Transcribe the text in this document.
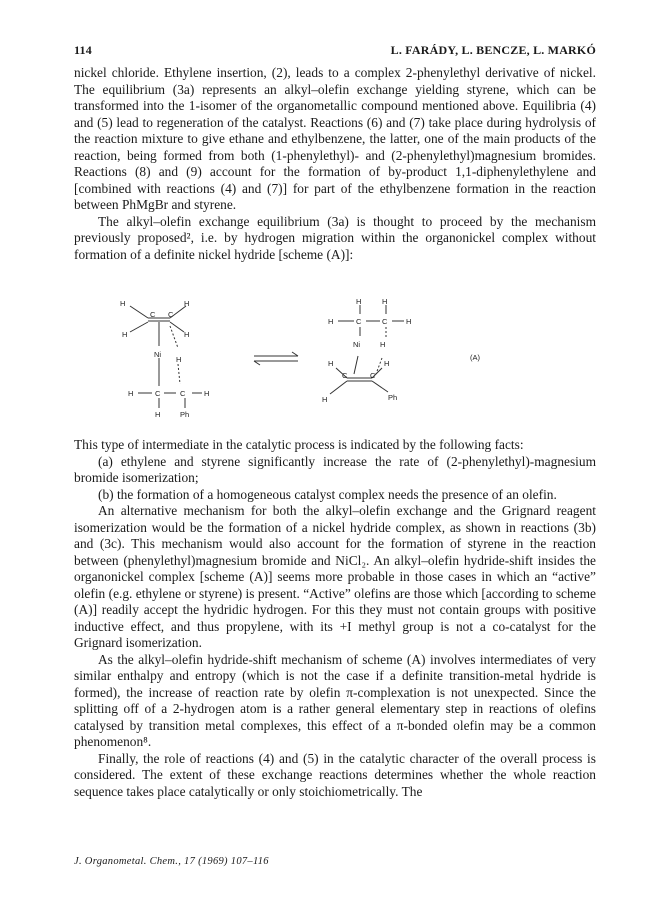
114	L. FARÁDY, L. BENCZE, L. MARKÓ

nickel chloride. Ethylene insertion, (2), leads to a complex 2-phenylethyl derivative of nickel. The equilibrium (3a) represents an alkyl–olefin exchange yielding styrene, which can be transformed into the 1-isomer of the organometallic compound mentioned above. Equilibria (4) and (5) lead to regeneration of the catalyst. Reactions (6) and (7) take place during hydrolysis of the reaction mixture to give ethane and ethylbenzene, the latter, one of the main products of the reaction, being formed from both (1-phenylethyl)- and (2-phenylethyl)magnesium bromides. Reactions (8) and (9) account for the formation of by-product 1,1-diphenylethylene and [combined with reactions (4) and (7)] for part of the ethylbenzene formation in the reaction between PhMgBr and styrene.

The alkyl–olefin exchange equilibrium (3a) is thought to proceed by the mechanism previously proposed², i.e. by hydrogen migration within the organonickel complex without formation of a definite nickel hydride [scheme (A)]:

H	H
C C
H	H
Ni
H
H	C	C H
H	Ph
H	H
H	C	C H
Ni	H
H	H
C	C
H	Ph
(A)

This type of intermediate in the catalytic process is indicated by the following facts:

(a) ethylene and styrene significantly increase the rate of (2-phenylethyl)-magnesium bromide isomerization;

(b) the formation of a homogeneous catalyst complex needs the presence of an olefin.

An alternative mechanism for both the alkyl–olefin exchange and the Grignard reagent isomerization would be the formation of a nickel hydride complex, as shown in reactions (3b) and (3c). This mechanism would also account for the formation of styrene in the reaction between (phenylethyl)magnesium bromide and NiCl₂. An alkyl–olefin hydride-shift insides the organonickel complex [scheme (A)] seems more probable in those cases in which an “active” olefin (e.g. ethylene or styrene) is present. “Active” olefins are those which [according to scheme (A)] readily accept the hydridic hydrogen. For this they must not contain groups with positive inductive effect, and thus propylene, with its +I methyl group is not a co-catalyst for the Grignard isomerization.

As the alkyl–olefin hydride-shift mechanism of scheme (A) involves intermediates of very similar enthalpy and entropy (which is not the case if a definite transition-metal hydride is formed), the increase of reaction rate by olefin π-complexation is not unexpected. Since the splitting off of a 2-hydrogen atom is a rather general elementary step in reactions of olefins catalysed by transition metal complexes, this effect of a π-bonded olefin may be a common phenomenon⁸.

Finally, the role of reactions (4) and (5) in the catalytic character of the overall process is considered. The extent of these exchange reactions determines whether the whole reaction sequence takes place catalytically or only stoichiometrically. The

J. Organometal. Chem., 17 (1969) 107–116
